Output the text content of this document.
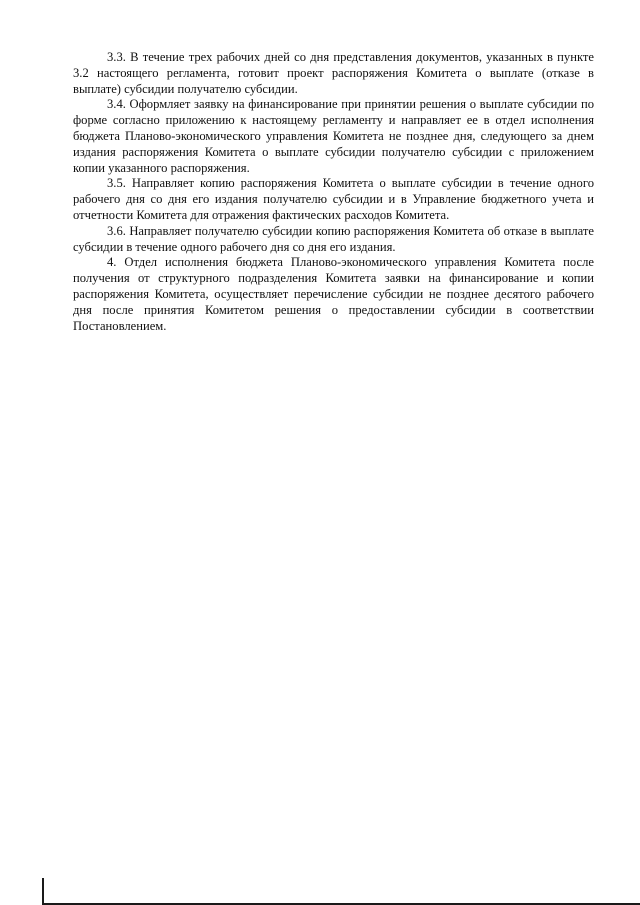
3.3. В течение трех рабочих дней со дня представления документов, указанных в пункте 3.2 настоящего регламента, готовит проект распоряжения Комитета о выплате (отказе в выплате) субсидии получателю субсидии.

3.4. Оформляет заявку на финансирование при принятии решения о выплате субсидии по форме согласно приложению к настоящему регламенту и направляет ее в отдел исполнения бюджета Планово-экономического управления Комитета не позднее дня, следующего за днем издания распоряжения Комитета о выплате субсидии получателю субсидии с приложением копии указанного распоряжения.

3.5. Направляет копию распоряжения Комитета о выплате субсидии в течение одного рабочего дня со дня его издания получателю субсидии и в Управление бюджетного учета и отчетности Комитета для отражения фактических расходов Комитета.

3.6. Направляет получателю субсидии копию распоряжения Комитета об отказе в выплате субсидии в течение одного рабочего дня со дня его издания.

4. Отдел исполнения бюджета Планово-экономического управления Комитета после получения от структурного подразделения Комитета заявки на финансирование и копии распоряжения Комитета, осуществляет перечисление субсидии не позднее десятого рабочего дня после принятия Комитетом решения о предоставлении субсидии в соответствии Постановлением.
